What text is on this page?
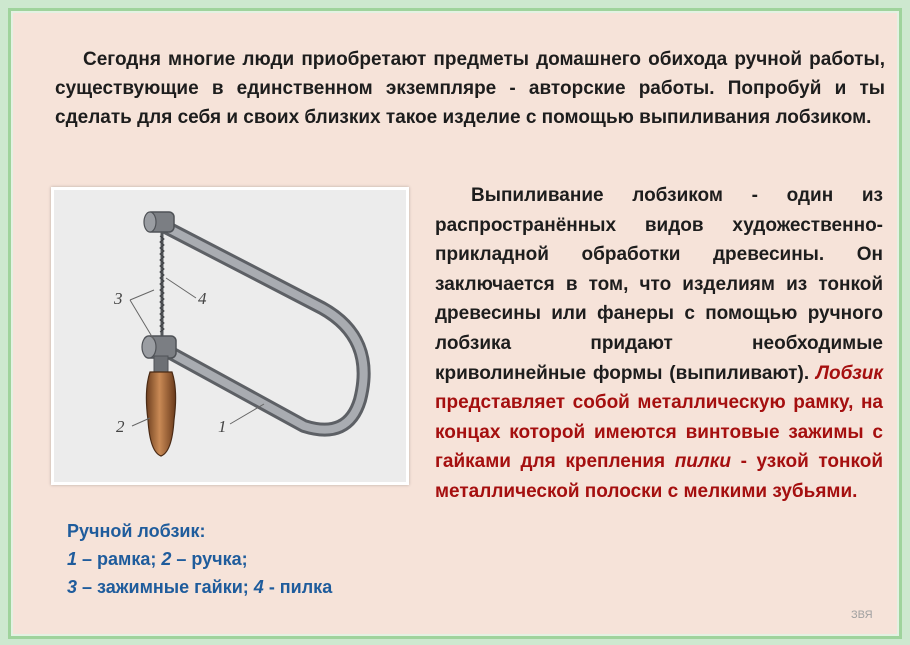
Сегодня многие люди приобретают предметы домашнего обихода ручной работы, существующие в единственном экземпляре - авторские работы. Попробуй и ты сделать для себя и своих близких такое изделие с помощью выпиливания лобзиком.

3	4
2	1

Выпиливание лобзиком - один из распространённых видов художественно-прикладной обработки древесины. Он заключается в том, что изделиям из тонкой древесины или фанеры с помощью ручного лобзика придают необходимые криволинейные формы (выпиливают). Лобзик представляет собой металлическую рамку, на концах которой имеются винтовые зажимы с гайками для крепления пилки - узкой тонкой металлической полоски с мелкими зубьями.

Ручной лобзик:
1 – рамка; 2 – ручка;
3 – зажимные гайки; 4 - пилка
ЗВЯ
